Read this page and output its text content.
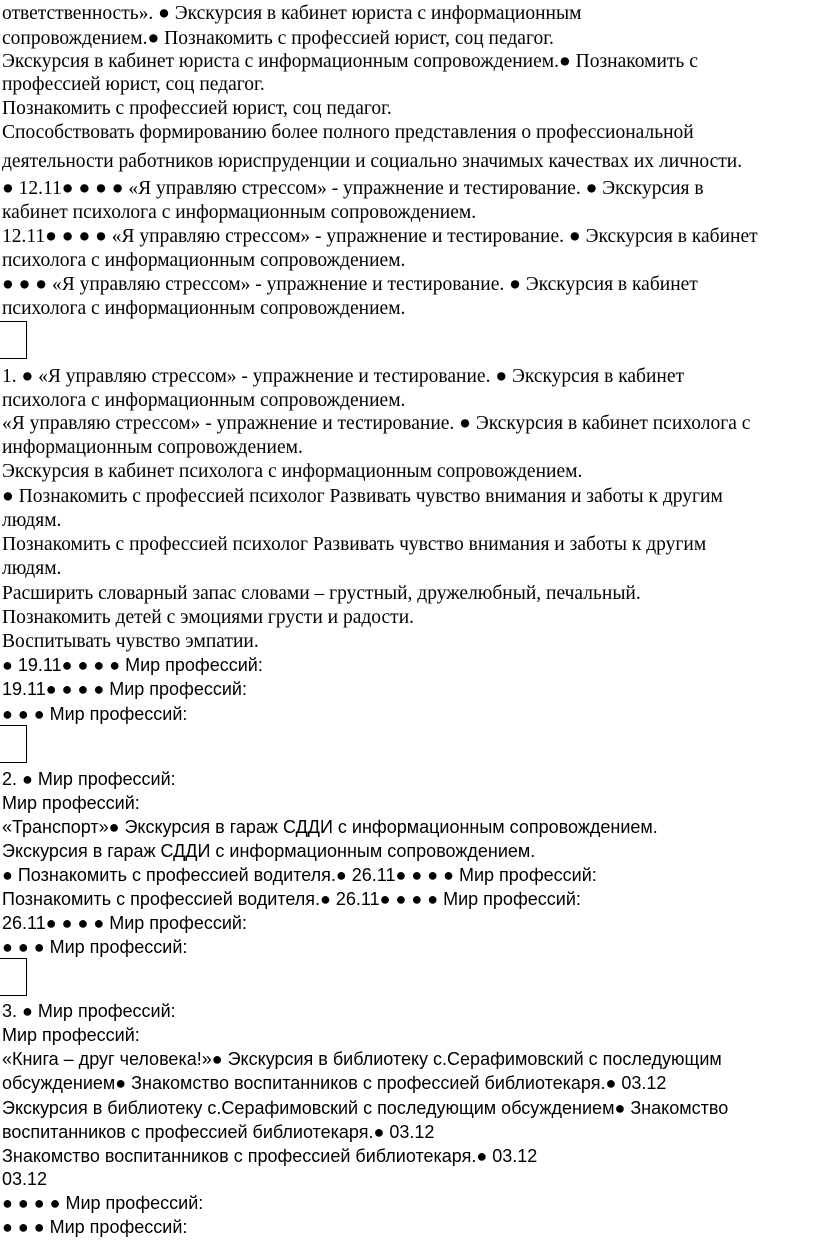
ответственность». ● Экскурсия в кабинет юриста с информационным
сопровождением.● Познакомить с профессией юрист, соц педагог.
Экскурсия в кабинет юриста с информационным сопровождением.● Познакомить с
профессией юрист, соц педагог.
Познакомить с профессией юрист, соц педагог.
Способствовать формированию более полного представления о профессиональной
деятельности работников юриспруденции и социально значимых качествах их личности.
● 12.11● ● ● ● «Я управляю стрессом» - упражнение и тестирование. ● Экскурсия в
кабинет психолога с информационным сопровождением.
12.11● ● ● ● «Я управляю стрессом» - упражнение и тестирование. ● Экскурсия в кабинет
психолога с информационным сопровождением.
● ● ● «Я управляю стрессом» - упражнение и тестирование. ● Экскурсия в кабинет
психолога с информационным сопровождением.
1. ● «Я управляю стрессом» - упражнение и тестирование. ● Экскурсия в кабинет
психолога с информационным сопровождением.
«Я управляю стрессом» - упражнение и тестирование. ● Экскурсия в кабинет психолога с
информационным сопровождением.
Экскурсия в кабинет психолога с информационным сопровождением.
● Познакомить с профессией психолог Развивать чувство внимания и заботы к другим
людям.
Познакомить с профессией психолог Развивать чувство внимания и заботы к другим
людям.
Расширить словарный запас словами – грустный, дружелюбный, печальный.
Познакомить детей с эмоциями грусти и радости.
Воспитывать чувство эмпатии.
● 19.11● ● ● ● Мир профессий:
19.11● ● ● ● Мир профессий:
● ● ● Мир профессий:
2. ● Мир профессий:
Мир профессий:
«Транспорт»● Экскурсия в гараж СДДИ с информационным сопровождением.
Экскурсия в гараж СДДИ с информационным сопровождением.
● Познакомить с профессией водителя.● 26.11● ● ● ● Мир профессий:
Познакомить с профессией водителя.● 26.11● ● ● ● Мир профессий:
26.11● ● ● ● Мир профессий:
● ● ● Мир профессий:
3. ● Мир профессий:
Мир профессий:
«Книга – друг человека!»● Экскурсия в библиотеку с.Серафимовский с последующим
обсуждением● Знакомство воспитанников с профессией библиотекаря.● 03.12
Экскурсия в библиотеку с.Серафимовский с последующим обсуждением● Знакомство
воспитанников с профессией библиотекаря.● 03.12
Знакомство воспитанников с профессией библиотекаря.● 03.12
03.12
● ● ● ● Мир профессий:
● ● ● Мир профессий:
